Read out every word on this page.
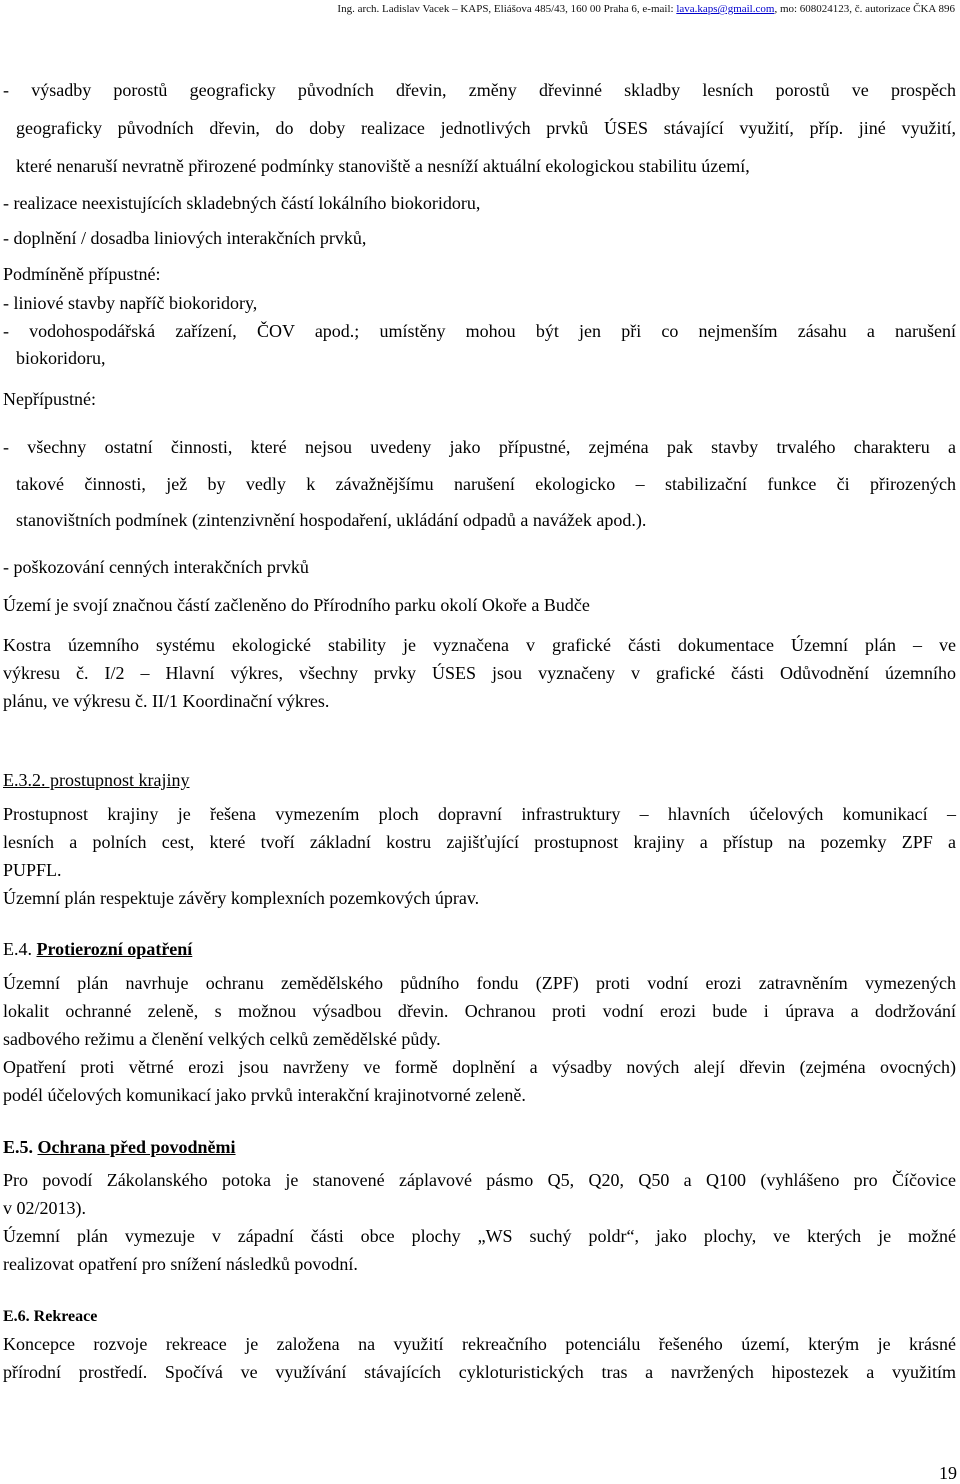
Ing. arch. Ladislav Vacek – KAPS, Eliášova 485/43, 160 00 Praha 6, e-mail: lava.kaps@gmail.com, mo: 608024123, č. autorizace ČKA 896
- výsadby porostů geograficky původních dřevin, změny dřevinné skladby lesních porostů ve prospěch
geograficky původních dřevin, do doby realizace jednotlivých prvků ÚSES stávající využití, příp. jiné využití,
které nenaruší nevratně přirozené podmínky stanoviště a nesníží aktuální ekologickou stabilitu území,
- realizace neexistujících skladebných částí lokálního biokoridoru,
- doplnění / dosadba liniových interakčních prvků,
Podmíněně přípustné:
- liniové stavby napříč biokoridory,
- vodohospodářská zařízení, ČOV apod.; umístěny mohou být jen při co nejmenším zásahu a narušení
biokoridoru,
Nepřípustné:
- všechny ostatní činnosti, které nejsou uvedeny jako přípustné, zejména pak stavby trvalého charakteru a
takové činnosti, jež by vedly k závažnějšímu narušení ekologicko – stabilizační funkce či přirozených
stanovištních podmínek (zintenzivnění hospodaření, ukládání odpadů a navážek apod.).
- poškozování cenných interakčních prvků
Území je svojí značnou částí začleněno do Přírodního parku okolí Okoře a Budče
Kostra územního systému ekologické stability je vyznačena v grafické části dokumentace Územní plán – ve
výkresu č. I/2 – Hlavní výkres, všechny prvky ÚSES jsou vyznačeny v grafické části Odůvodnění územního
plánu, ve výkresu č. II/1 Koordinační výkres.
E.3.2. prostupnost krajiny
Prostupnost krajiny je řešena vymezením ploch dopravní infrastruktury – hlavních účelových komunikací –
lesních a polních cest, které tvoří základní kostru zajišťující prostupnost krajiny a přístup na pozemky ZPF a
PUPFL.
Územní plán respektuje závěry komplexních pozemkových úprav.
E.4. Protierozní opatření
Územní plán navrhuje ochranu zemědělského půdního fondu (ZPF) proti vodní erozi zatravněním vymezených
lokalit ochranné zeleně, s možnou výsadbou dřevin. Ochranou proti vodní erozi bude i úprava a dodržování
sadbového režimu a členění velkých celků zemědělské půdy.
Opatření proti větrné erozi jsou navrženy ve formě doplnění a výsadby nových alejí dřevin (zejména ovocných)
podél účelových komunikací jako prvků interakční krajinotvorné zeleně.
E.5. Ochrana před povodněmi
Pro povodí Zákolanského potoka je stanovené záplavové pásmo Q5, Q20, Q50 a Q100 (vyhlášeno pro Číčovice
v 02/2013).
Územní plán vymezuje v západní části obce plochy „WS suchý poldr“, jako plochy, ve kterých je možné
realizovat opatření pro snížení následků povodní.
E.6. Rekreace
Koncepce rozvoje rekreace je založena na využití rekreačního potenciálu řešeného území, kterým je krásné
přírodní prostředí. Spočívá ve využívání stávajících cykloturistických tras a navržených hipostezek a využitím
19
